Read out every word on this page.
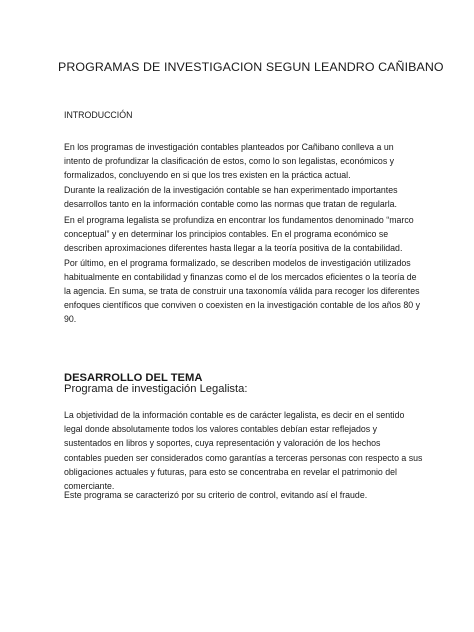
PROGRAMAS DE INVESTIGACION SEGUN LEANDRO CAÑIBANO
INTRODUCCIÓN
En los programas de investigación contables planteados por Cañibano conlleva a un
intento de profundizar la clasificación de estos, como lo son legalistas, económicos y
formalizados, concluyendo en si que los tres existen en la práctica actual.
Durante la realización de la investigación contable se han experimentado importantes
desarrollos tanto en la información contable como las normas que tratan de regularla.
En el programa legalista se profundiza en encontrar los fundamentos denominado “marco
conceptual” y en determinar los principios contables. En el programa económico se
describen aproximaciones diferentes hasta llegar a la teoría positiva de la contabilidad.
Por último, en el programa formalizado, se describen modelos de investigación utilizados
habitualmente en contabilidad y finanzas como el de los mercados eficientes o la teoría de
la agencia. En suma, se trata de construir una taxonomía válida para recoger los diferentes
enfoques científicos que conviven o coexisten en la investigación contable de los años 80 y
90.
DESARROLLO DEL TEMA
Programa de investigación Legalista:
La objetividad de la información contable es de carácter legalista, es decir en el sentido
legal donde absolutamente todos los valores contables debían estar reflejados y
sustentados en libros y soportes, cuya representación y valoración de los hechos
contables pueden ser considerados como garantías a terceras personas con respecto a sus
obligaciones actuales y futuras, para esto se concentraba en revelar el patrimonio del
comerciante.
Este programa se caracterizó por su criterio de control, evitando así el fraude.
